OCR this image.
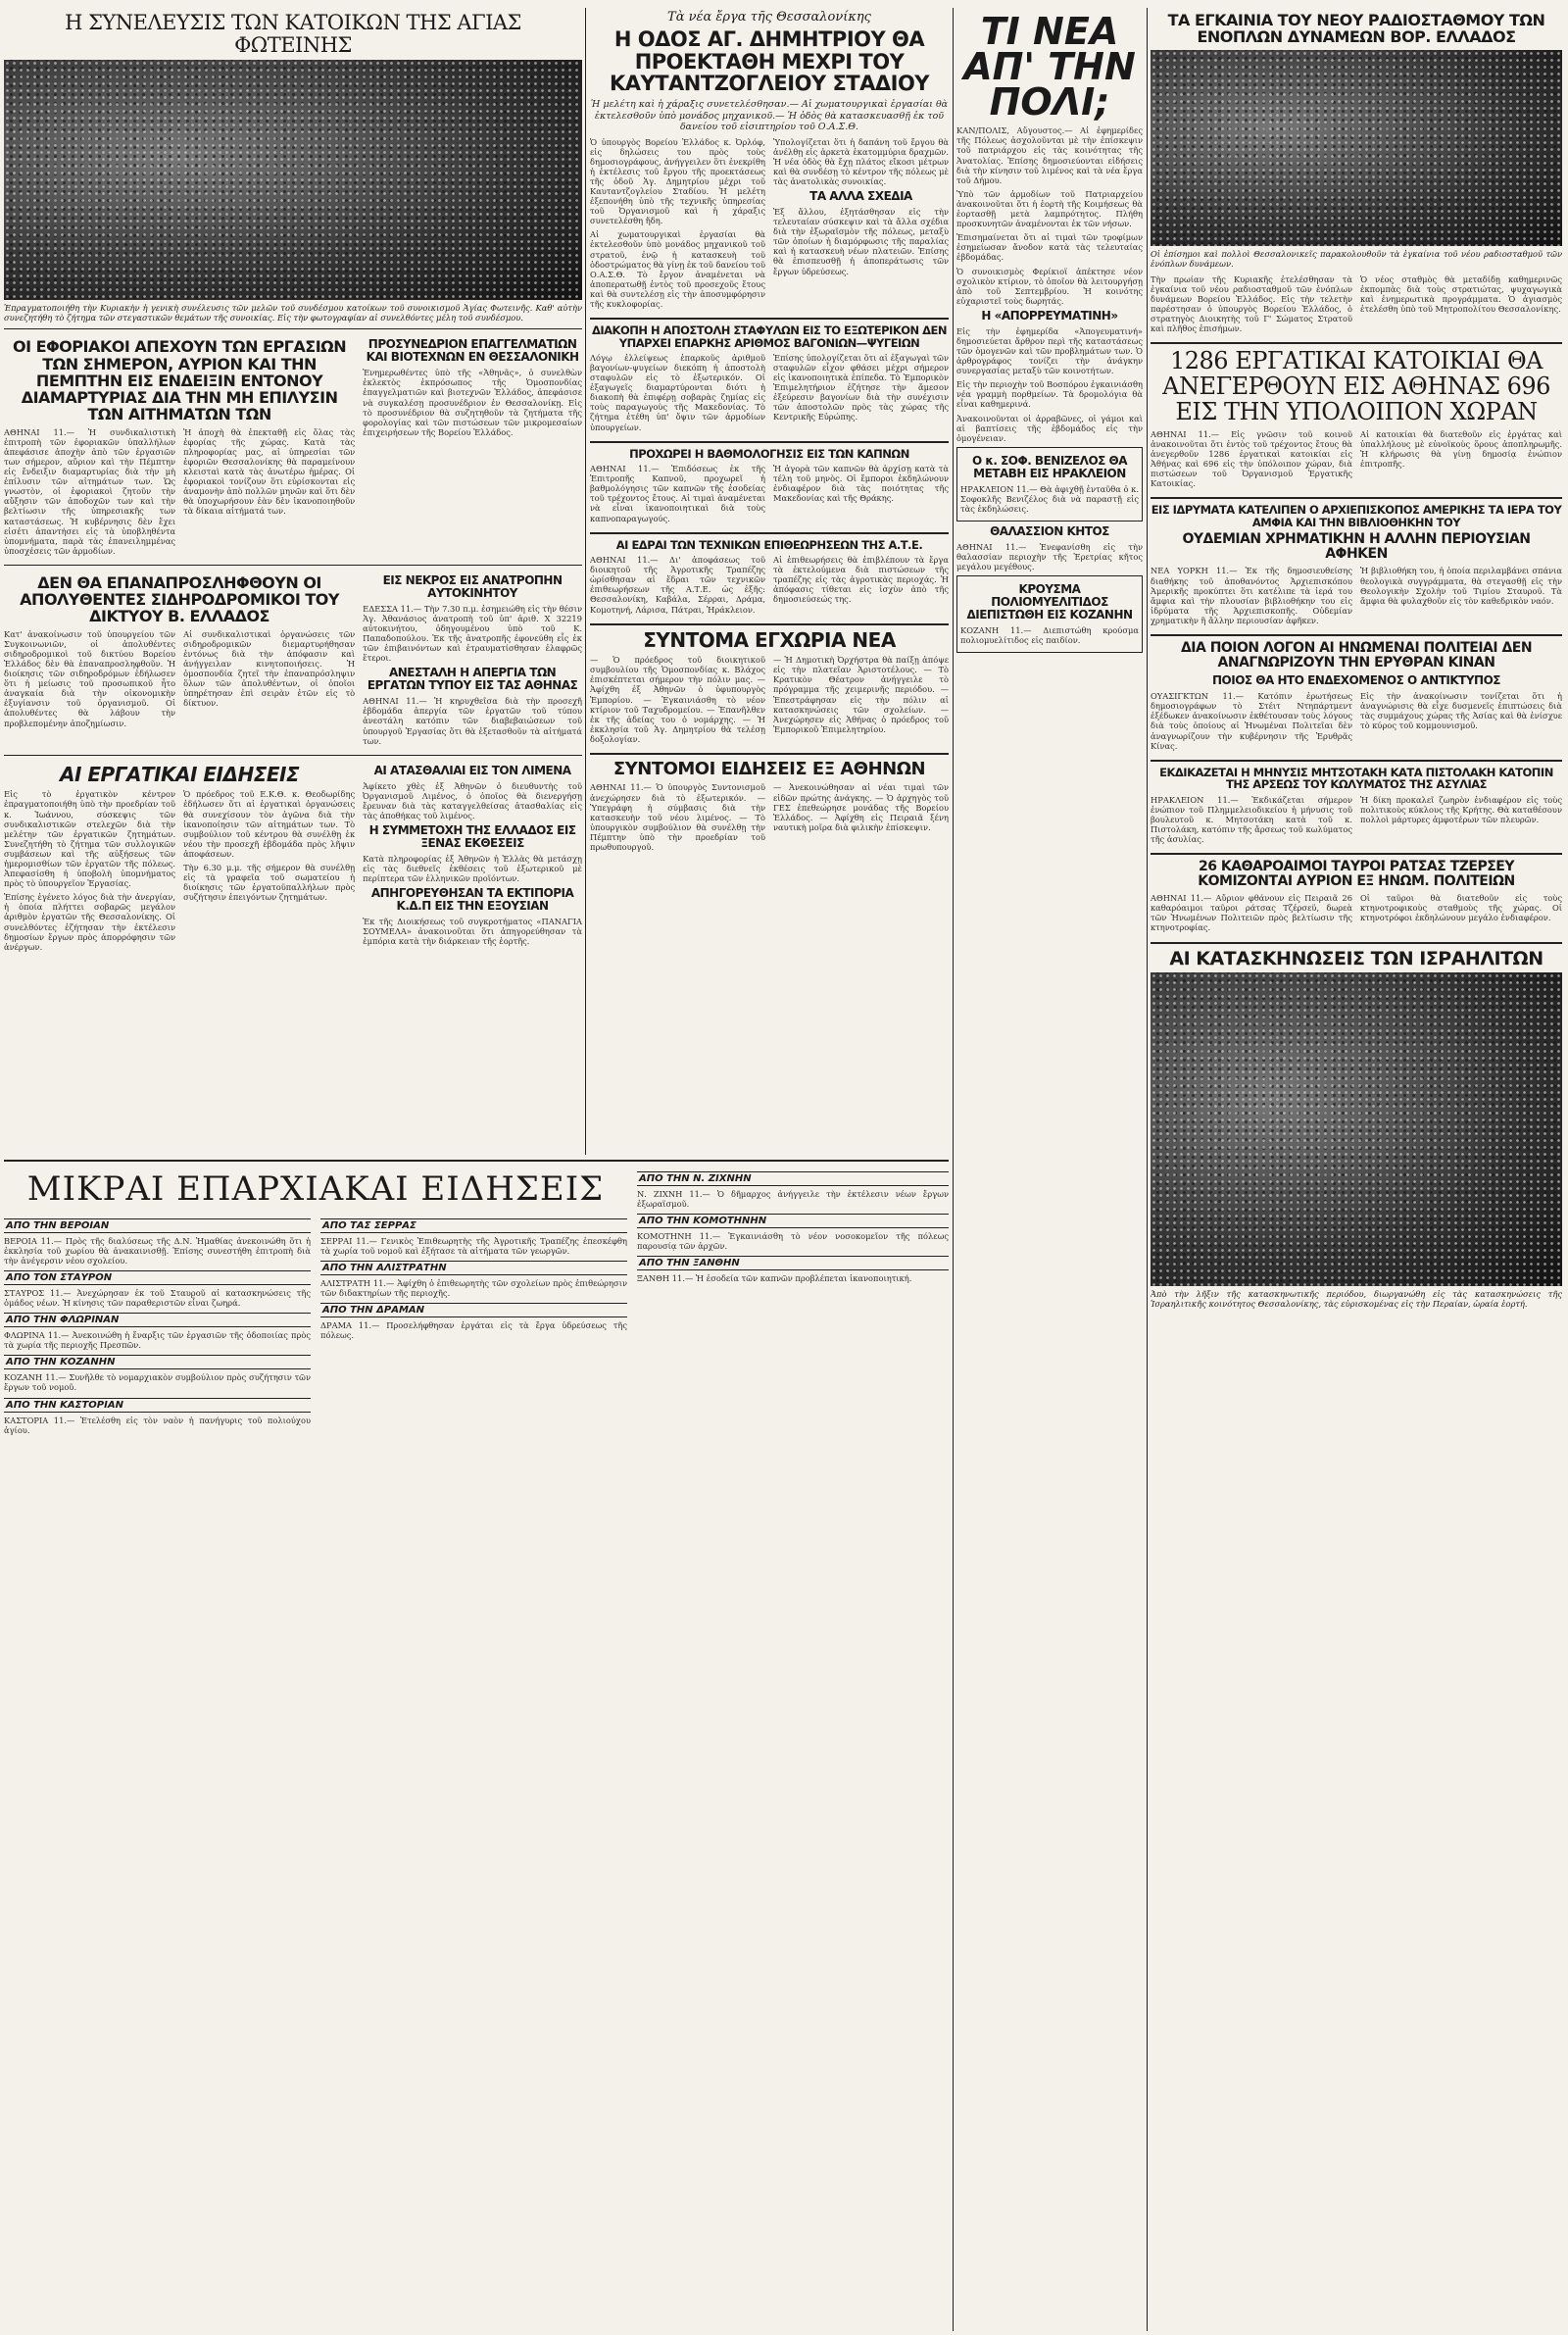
Η ΣΥΝΕΛΕΥΣΙΣ ΤΩΝ ΚΑΤΟΙΚΩΝ ΤΗΣ ΑΓΙΑΣ ΦΩΤΕΙΝΗΣ
Ἐπραγματοποιήθη τὴν Κυριακὴν ἡ γενικὴ συνέλευσις τῶν μελῶν τοῦ συνδέσμου κατοίκων τοῦ συνοικισμοῦ Ἁγίας Φωτεινῆς. Καθ' αὐτὴν συνεζητήθη τὸ ζήτημα τῶν στεγαστικῶν θεμάτων τῆς συνοικίας. Εἰς τὴν φωτογραφίαν αἱ συνελθόντες μέλη τοῦ συνδέσμου.
ΟΙ ΕΦΟΡΙΑΚΟΙ ΑΠΕΧΟΥΝ ΤΩΝ ΕΡΓΑΣΙΩΝ ΤΩΝ ΣΗΜΕΡΟΝ, ΑΥΡΙΟΝ ΚΑΙ ΤΗΝ ΠΕΜΠΤΗΝ ΕΙΣ ΕΝΔΕΙΞΙΝ ΕΝΤΟΝΟΥ ΔΙΑΜΑΡΤΥΡΙΑΣ ΔΙΑ ΤΗΝ ΜΗ ΕΠΙΛΥΣΙΝ ΤΩΝ ΑΙΤΗΜΑΤΩΝ ΤΩΝ

ΑΘΗΝΑΙ 11.— Ἡ συνδικαλιστικὴ ἐπιτροπὴ τῶν ἐφοριακῶν ὑπαλλήλων ἀπεφάσισε ἀποχὴν ἀπὸ τῶν ἐργασιῶν των σήμερον, αὔριον καὶ τὴν Πέμπτην εἰς ἔνδειξιν διαμαρτυρίας διὰ τὴν μὴ ἐπίλυσιν τῶν αἰτημάτων των. Ὡς γνωστὸν, οἱ ἐφοριακοὶ ζητοῦν τὴν αὔξησιν τῶν ἀποδοχῶν των καὶ τὴν βελτίωσιν τῆς ὑπηρεσιακῆς των καταστάσεως. Ἡ κυβέρνησις δὲν ἔχει εἰσέτι ἀπαντήσει εἰς τὰ ὑποβληθέντα ὑπομνήματα, παρὰ τὰς ἐπανειλημμένας ὑποσχέσεις τῶν ἁρμοδίων.

Ἡ ἀποχὴ θὰ ἐπεκταθῇ εἰς ὅλας τὰς ἐφορίας τῆς χώρας. Κατὰ τὰς πληροφορίας μας, αἱ ὑπηρεσίαι τῶν ἐφοριῶν Θεσσαλονίκης θὰ παραμείνουν κλεισταὶ κατὰ τὰς ἀνωτέρω ἡμέρας. Οἱ ἐφοριακοὶ τονίζουν ὅτι εὑρίσκονται εἰς ἀναμονὴν ἀπὸ πολλῶν μηνῶν καὶ ὅτι δὲν θὰ ὑποχωρήσουν ἐὰν δὲν ἱκανοποιηθοῦν τὰ δίκαια αἰτήματά των.

ΠΡΟΣΥΝΕΔΡΙΟΝ ΕΠΑΓΓΕΛΜΑΤΙΩΝ ΚΑΙ ΒΙΟΤΕΧΝΩΝ ΕΝ ΘΕΣΣΑΛΟΝΙΚΗ

Ἐνημερωθέντες ὑπὸ τῆς «Ἀθηνᾶς», ὁ συνελθὼν ἐκλεκτὸς ἐκπρόσωπος τῆς Ὁμοσπονδίας ἐπαγγελματιῶν καὶ βιοτεχνῶν Ἑλλάδος, ἀπεφάσισε νὰ συγκαλέσῃ προσυνέδριον ἐν Θεσσαλονίκῃ. Εἰς τὸ προσυνέδριον θὰ συζητηθοῦν τὰ ζητήματα τῆς φορολογίας καὶ τῶν πιστώσεων τῶν μικρομεσαίων ἐπιχειρήσεων τῆς Βορείου Ἑλλάδος.

ΔΕΝ ΘΑ ΕΠΑΝΑΠΡΟΣΛΗΦΘΟΥΝ ΟΙ ΑΠΟΛΥΘΕΝΤΕΣ ΣΙΔΗΡΟΔΡΟΜΙΚΟΙ ΤΟΥ ΔΙΚΤΥΟΥ Β. ΕΛΛΑΔΟΣ

Κατ' ἀνακοίνωσιν τοῦ ὑπουργείου τῶν Συγκοινωνιῶν, οἱ ἀπολυθέντες σιδηροδρομικοὶ τοῦ δικτύου Βορείου Ἑλλάδος δὲν θὰ ἐπαναπροσληφθοῦν. Ἡ διοίκησις τῶν σιδηροδρόμων ἐδήλωσεν ὅτι ἡ μείωσις τοῦ προσωπικοῦ ἦτο ἀναγκαία διὰ τὴν οἰκονομικὴν ἐξυγίανσιν τοῦ ὀργανισμοῦ. Οἱ ἀπολυθέντες θὰ λάβουν τὴν προβλεπομένην ἀποζημίωσιν.

Αἱ συνδικαλιστικαὶ ὀργανώσεις τῶν σιδηροδρομικῶν διεμαρτυρήθησαν ἐντόνως διὰ τὴν ἀπόφασιν καὶ ἀνήγγειλαν κινητοποιήσεις. Ἡ ὁμοσπονδία ζητεῖ τὴν ἐπαναπρόσληψιν ὅλων τῶν ἀπολυθέντων, οἱ ὁποῖοι ὑπηρέτησαν ἐπὶ σειρὰν ἐτῶν εἰς τὸ δίκτυον.

ΕΙΣ ΝΕΚΡΟΣ ΕΙΣ ΑΝΑΤΡΟΠΗΝ ΑΥΤΟΚΙΝΗΤΟΥ

ΕΔΕΣΣΑ 11.— Τὴν 7.30 π.μ. ἐσημειώθη εἰς τὴν θέσιν Ἁγ. Ἀθανάσιος ἀνατροπὴ τοῦ ὑπ' ἀριθ. Χ 32219 αὐτοκινήτου, ὁδηγουμένου ὑπὸ τοῦ Κ. Παπαδοπούλου. Ἐκ τῆς ἀνατροπῆς ἐφονεύθη εἷς ἐκ τῶν ἐπιβαινόντων καὶ ἐτραυματίσθησαν ἐλαφρῶς ἕτεροι.

ΑΝΕΣΤΑΛΗ Η ΑΠΕΡΓΙΑ ΤΩΝ ΕΡΓΑΤΩΝ ΤΥΠΟΥ ΕΙΣ ΤΑΣ ΑΘΗΝΑΣ

ΑΘΗΝΑΙ 11.— Ἡ κηρυχθεῖσα διὰ τὴν προσεχῆ ἑβδομάδα ἀπεργία τῶν ἐργατῶν τοῦ τύπου ἀνεστάλη κατόπιν τῶν διαβεβαιώσεων τοῦ ὑπουργοῦ Ἐργασίας ὅτι θὰ ἐξετασθοῦν τὰ αἰτήματά των.

ΑΙ ΕΡΓΑΤΙΚΑΙ ΕΙΔΗΣΕΙΣ

Εἰς τὸ ἐργατικὸν κέντρον ἐπραγματοποιήθη ὑπὸ τὴν προεδρίαν τοῦ κ. Ἰωάννου, σύσκεψις τῶν συνδικαλιστικῶν στελεχῶν διὰ τὴν μελέτην τῶν ἐργατικῶν ζητημάτων. Συνεζητήθη τὸ ζήτημα τῶν συλλογικῶν συμβάσεων καὶ τῆς αὐξήσεως τῶν ἡμερομισθίων τῶν ἐργατῶν τῆς πόλεως. Ἀπεφασίσθη ἡ ὑποβολὴ ὑπομνήματος πρὸς τὸ ὑπουργεῖον Ἐργασίας.

Ἐπίσης ἐγένετο λόγος διὰ τὴν ἀνεργίαν, ἡ ὁποία πλήττει σοβαρῶς μεγάλον ἀριθμὸν ἐργατῶν τῆς Θεσσαλονίκης. Οἱ συνελθόντες ἐζήτησαν τὴν ἐκτέλεσιν δημοσίων ἔργων πρὸς ἀπορρόφησιν τῶν ἀνέργων.

Ὁ πρόεδρος τοῦ Ε.Κ.Θ. κ. Θεοδωρίδης ἐδήλωσεν ὅτι αἱ ἐργατικαὶ ὀργανώσεις θὰ συνεχίσουν τὸν ἀγῶνα διὰ τὴν ἱκανοποίησιν τῶν αἰτημάτων των. Τὸ συμβούλιον τοῦ κέντρου θὰ συνέλθῃ ἐκ νέου τὴν προσεχῆ ἑβδομάδα πρὸς λῆψιν ἀποφάσεων.

Τὴν 6.30 μ.μ. τῆς σήμερον θὰ συνέλθῃ εἰς τὰ γραφεῖα τοῦ σωματείου ἡ διοίκησις τῶν ἐργατοϋπαλλήλων πρὸς συζήτησιν ἐπειγόντων ζητημάτων.

ΑΙ ΑΤΑΣΘΑΛΙΑΙ ΕΙΣ ΤΟΝ ΛΙΜΕΝΑ

Ἀφίκετο χθὲς ἐξ Ἀθηνῶν ὁ διευθυντὴς τοῦ Ὀργανισμοῦ Λιμένος, ὁ ὁποῖος θὰ διενεργήσῃ ἔρευναν διὰ τὰς καταγγελθείσας ἀτασθαλίας εἰς τὰς ἀποθήκας τοῦ λιμένος.

Η ΣΥΜΜΕΤΟΧΗ ΤΗΣ ΕΛΛΑΔΟΣ ΕΙΣ ΞΕΝΑΣ ΕΚΘΕΣΕΙΣ

Κατὰ πληροφορίας ἐξ Ἀθηνῶν ἡ Ἑλλὰς θὰ μετάσχῃ εἰς τὰς διεθνεῖς ἐκθέσεις τοῦ ἐξωτερικοῦ μὲ περίπτερα τῶν ἑλληνικῶν προϊόντων.

ΑΠΗΓΟΡΕΥΘΗΣΑΝ ΤΑ ΕΚΤΙΠΟΡΙΑ Κ.Δ.Π ΕΙΣ ΤΗΝ ΕΞΟΥΣΙΑΝ

Ἐκ τῆς Διοικήσεως τοῦ συγκροτήματος «ΠΑΝΑΓΙΑ ΣΟΥΜΕΛΑ» ἀνακοινοῦται ὅτι ἀπηγορεύθησαν τὰ ἐμπόρια κατὰ τὴν διάρκειαν τῆς ἑορτῆς.

Τὰ νέα ἔργα τῆς Θεσσαλονίκης
Η ΟΔΟΣ ΑΓ. ΔΗΜΗΤΡΙΟΥ ΘΑ ΠΡΟΕΚΤΑΘΗ ΜΕΧΡΙ ΤΟΥ ΚΑΥΤΑΝΤΖΟΓΛΕΙΟΥ ΣΤΑΔΙΟΥ

Ἡ μελέτη καὶ ἡ χάραξις συνετελέσθησαν.— Αἱ χωματουργικαὶ ἐργασίαι θὰ ἐκτελεσθοῦν ὑπὸ μονάδος μηχανικοῦ.— Ἡ ὁδὸς θὰ κατασκευασθῇ ἐκ τοῦ δανείου τοῦ εἰσιπτηρίου τοῦ Ο.Α.Σ.Θ.

Ὁ ὑπουργὸς Βορείου Ἑλλάδος κ. Ὀρλόφ, εἰς δηλώσεις του πρὸς τοὺς δημοσιογράφους, ἀνήγγειλεν ὅτι ἐνεκρίθη ἡ ἐκτέλεσις τοῦ ἔργου τῆς προεκτάσεως τῆς ὁδοῦ Ἁγ. Δημητρίου μέχρι τοῦ Καυταντζογλείου Σταδίου. Ἡ μελέτη ἐξεπονήθη ὑπὸ τῆς τεχνικῆς ὑπηρεσίας τοῦ Ὀργανισμοῦ καὶ ἡ χάραξις συνετελέσθη ἤδη.

Αἱ χωματουργικαὶ ἐργασίαι θὰ ἐκτελεσθοῦν ὑπὸ μονάδος μηχανικοῦ τοῦ στρατοῦ, ἐνῷ ἡ κατασκευὴ τοῦ ὁδοστρώματος θὰ γίνῃ ἐκ τοῦ δανείου τοῦ Ο.Α.Σ.Θ. Τὸ ἔργον ἀναμένεται νὰ ἀποπερατωθῇ ἐντὸς τοῦ προσεχοῦς ἔτους καὶ θὰ συντελέσῃ εἰς τὴν ἀποσυμφόρησιν τῆς κυκλοφορίας.

Ὑπολογίζεται ὅτι ἡ δαπάνη τοῦ ἔργου θὰ ἀνέλθῃ εἰς ἀρκετὰ ἑκατομμύρια δραχμῶν. Ἡ νέα ὁδὸς θὰ ἔχῃ πλάτος εἴκοσι μέτρων καὶ θὰ συνδέσῃ τὸ κέντρον τῆς πόλεως μὲ τὰς ἀνατολικὰς συνοικίας.

ΤΑ ΑΛΛΑ ΣΧΕΔΙΑ

Ἐξ ἄλλου, ἐξητάσθησαν εἰς τὴν τελευταίαν σύσκεψιν καὶ τὰ ἄλλα σχέδια διὰ τὴν ἐξωραϊσμὸν τῆς πόλεως, μεταξὺ τῶν ὁποίων ἡ διαμόρφωσις τῆς παραλίας καὶ ἡ κατασκευὴ νέων πλατειῶν. Ἐπίσης θὰ ἐπισπευσθῇ ἡ ἀποπεράτωσις τῶν ἔργων ὑδρεύσεως.

ΔΙΑΚΟΠΗ Η ΑΠΟΣΤΟΛΗ ΣΤΑΦΥΛΩΝ ΕΙΣ ΤΟ ΕΞΩΤΕΡΙΚΟΝ ΔΕΝ ΥΠΑΡΧΕΙ ΕΠΑΡΚΗΣ ΑΡΙΘΜΟΣ ΒΑΓΟΝΙΩΝ—ΨΥΓΕΙΩΝ

Λόγῳ ἐλλείψεως ἐπαρκοῦς ἀριθμοῦ βαγονίων-ψυγείων διεκόπη ἡ ἀποστολὴ σταφυλῶν εἰς τὸ ἐξωτερικόν. Οἱ ἐξαγωγεῖς διαμαρτύρονται διότι ἡ διακοπὴ θὰ ἐπιφέρῃ σοβαρὰς ζημίας εἰς τοὺς παραγωγοὺς τῆς Μακεδονίας. Τὸ ζήτημα ἐτέθη ὑπ' ὄψιν τῶν ἁρμοδίων ὑπουργείων.

Ἐπίσης ὑπολογίζεται ὅτι αἱ ἐξαγωγαὶ τῶν σταφυλῶν εἶχον φθάσει μέχρι σήμερον εἰς ἱκανοποιητικὰ ἐπίπεδα. Τὸ Ἐμπορικὸν Ἐπιμελητήριον ἐζήτησε τὴν ἄμεσον ἐξεύρεσιν βαγονίων διὰ τὴν συνέχισιν τῶν ἀποστολῶν πρὸς τὰς χώρας τῆς Κεντρικῆς Εὐρώπης.

ΠΡΟΧΩΡΕΙ Η ΒΑΘΜΟΛΟΓΗΣΙΣ ΕΙΣ ΤΩΝ ΚΑΠΝΩΝ

ΑΘΗΝΑΙ 11.— Ἐπιδόσεως ἐκ τῆς Ἐπιτροπῆς Καπνοῦ, προχωρεῖ ἡ βαθμολόγησις τῶν καπνῶν τῆς ἐσοδείας τοῦ τρέχοντος ἔτους. Αἱ τιμαὶ ἀναμένεται νὰ εἶναι ἱκανοποιητικαὶ διὰ τοὺς καπνοπαραγωγούς.

Ἡ ἀγορὰ τῶν καπνῶν θὰ ἀρχίσῃ κατὰ τὰ τέλη τοῦ μηνὸς. Οἱ ἔμποροι ἐκδηλώνουν ἐνδιαφέρον διὰ τὰς ποιότητας τῆς Μακεδονίας καὶ τῆς Θράκης.

ΑΙ ΕΔΡΑΙ ΤΩΝ ΤΕΧΝΙΚΩΝ ΕΠΙΘΕΩΡΗΣΕΩΝ ΤΗΣ Α.Τ.Ε.

ΑΘΗΝΑΙ 11.— Δι' ἀποφάσεως τοῦ διοικητοῦ τῆς Ἀγροτικῆς Τραπέζης ὡρίσθησαν αἱ ἕδραι τῶν τεχνικῶν ἐπιθεωρήσεων τῆς Α.Τ.Ε. ὡς ἑξῆς: Θεσσαλονίκη, Καβάλα, Σέρραι, Δράμα, Κομοτηνή, Λάρισα, Πάτραι, Ἡράκλειον.

Αἱ ἐπιθεωρήσεις θὰ ἐπιβλέπουν τὰ ἔργα τὰ ἐκτελούμενα διὰ πιστώσεων τῆς τραπέζης εἰς τὰς ἀγροτικὰς περιοχάς. Ἡ ἀπόφασις τίθεται εἰς ἰσχὺν ἀπὸ τῆς δημοσιεύσεώς της.

ΣΥΝΤΟΜΑ ΕΓΧΩΡΙΑ ΝΕΑ

— Ὁ πρόεδρος τοῦ διοικητικοῦ συμβουλίου τῆς Ὁμοσπονδίας κ. Βλάχος ἐπισκέπτεται σήμερον τὴν πόλιν μας. — Ἀφίχθη ἐξ Ἀθηνῶν ὁ ὑφυπουργὸς Ἐμπορίου. — Ἐγκαινιάσθη τὸ νέον κτίριον τοῦ Ταχυδρομείου. — Ἐπανῆλθεν ἐκ τῆς ἀδείας του ὁ νομάρχης. — Ἡ ἐκκλησία τοῦ Ἁγ. Δημητρίου θὰ τελέσῃ δοξολογίαν.

— Ἡ Δημοτικὴ Ὀρχήστρα θὰ παίξῃ ἀπόψε εἰς τὴν πλατεῖαν Ἀριστοτέλους. — Τὸ Κρατικὸν Θέατρον ἀνήγγειλε τὸ πρόγραμμα τῆς χειμερινῆς περιόδου. — Ἐπεστράφησαν εἰς τὴν πόλιν αἱ κατασκηνώσεις τῶν σχολείων. — Ἀνεχώρησεν εἰς Ἀθήνας ὁ πρόεδρος τοῦ Ἐμπορικοῦ Ἐπιμελητηρίου.

ΣΥΝΤΟΜΟΙ ΕΙΔΗΣΕΙΣ ΕΞ ΑΘΗΝΩΝ

ΑΘΗΝΑΙ 11.— Ὁ ὑπουργὸς Συντονισμοῦ ἀνεχώρησεν διὰ τὸ ἐξωτερικόν. — Ὑπεγράφη ἡ σύμβασις διὰ τὴν κατασκευὴν τοῦ νέου λιμένος. — Τὸ ὑπουργικὸν συμβούλιον θὰ συνέλθῃ τὴν Πέμπτην ὑπὸ τὴν προεδρίαν τοῦ πρωθυπουργοῦ.

— Ἀνεκοινώθησαν αἱ νέαι τιμαὶ τῶν εἰδῶν πρώτης ἀνάγκης. — Ὁ ἀρχηγὸς τοῦ ΓΕΣ ἐπεθεώρησε μονάδας τῆς Βορείου Ἑλλάδος. — Ἀφίχθη εἰς Πειραιᾶ ξένη ναυτικὴ μοῖρα διὰ φιλικὴν ἐπίσκεψιν.

ΤΙ ΝΕΑ ΑΠ' ΤΗΝ ΠΟΛΙ;

ΚΑΝ/ΠΟΛΙΣ, Αὔγουστος.— Αἱ ἐφημερίδες τῆς Πόλεως ἀσχολοῦνται μὲ τὴν ἐπίσκεψιν τοῦ πατριάρχου εἰς τὰς κοινότητας τῆς Ἀνατολίας. Ἐπίσης δημοσιεύονται εἰδήσεις διὰ τὴν κίνησιν τοῦ λιμένος καὶ τὰ νέα ἔργα τοῦ Δήμου.

Ὑπὸ τῶν ἁρμοδίων τοῦ Πατριαρχείου ἀνακοινοῦται ὅτι ἡ ἑορτὴ τῆς Κοιμήσεως θὰ ἑορτασθῇ μετὰ λαμπρότητος. Πλήθη προσκυνητῶν ἀναμένονται ἐκ τῶν νήσων.

Ἐπισημαίνεται ὅτι αἱ τιμαὶ τῶν τροφίμων ἐσημείωσαν ἄνοδον κατὰ τὰς τελευταίας ἑβδομάδας.

Ὁ συνοικισμὸς Φερίκιοϊ ἀπέκτησε νέον σχολικὸν κτίριον, τὸ ὁποῖον θὰ λειτουργήσῃ ἀπὸ τοῦ Σεπτεμβρίου. Ἡ κοινότης εὐχαριστεῖ τοὺς δωρητάς.

Η «ΑΠΟΡΡΕΥΜΑΤΙΝΗ»

Εἰς τὴν ἐφημερίδα «Ἀπογευματινή» δημοσιεύεται ἄρθρον περὶ τῆς καταστάσεως τῶν ὁμογενῶν καὶ τῶν προβλημάτων των. Ὁ ἀρθρογράφος τονίζει τὴν ἀνάγκην συνεργασίας μεταξὺ τῶν κοινοτήτων.

Εἰς τὴν περιοχὴν τοῦ Βοσπόρου ἐγκαινιάσθη νέα γραμμὴ πορθμείων. Τὰ δρομολόγια θὰ εἶναι καθημερινά.

Ἀνακοινοῦνται οἱ ἀρραβῶνες, οἱ γάμοι καὶ αἱ βαπτίσεις τῆς ἑβδομάδος εἰς τὴν ὁμογένειαν.

Ο κ. ΣΟΦ. ΒΕΝΙΖΕΛΟΣ ΘΑ ΜΕΤΑΒΗ ΕΙΣ ΗΡΑΚΛΕΙΟΝ

ΗΡΑΚΛΕΙΟΝ 11.— Θὰ ἀφιχθῇ ἐνταῦθα ὁ κ. Σοφοκλῆς Βενιζέλος διὰ νὰ παραστῇ εἰς τὰς ἐκδηλώσεις.

ΘΑΛΑΣΣΙΟΝ ΚΗΤΟΣ

ΑΘΗΝΑΙ 11.— Ἐνεφανίσθη εἰς τὴν θαλασσίαν περιοχὴν τῆς Ἐρετρίας κῆτος μεγάλου μεγέθους.

ΚΡΟΥΣΜΑ ΠΟΛΙΟΜΥΕΛΙΤΙΔΟΣ ΔΙΕΠΙΣΤΩΘΗ ΕΙΣ ΚΟΖΑΝΗΝ

ΚΟΖΑΝΗ 11.— Διεπιστώθη κρούσμα πολιομυελίτιδος εἰς παιδίον.

ΤΑ ΕΓΚΑΙΝΙΑ ΤΟΥ ΝΕΟΥ ΡΑΔΙΟΣΤΑΘΜΟΥ ΤΩΝ ΕΝΟΠΛΩΝ ΔΥΝΑΜΕΩΝ ΒΟΡ. ΕΛΛΑΔΟΣ
Οἱ ἐπίσημοι καὶ πολλοὶ Θεσσαλονικεῖς παρακολουθοῦν τὰ ἐγκαίνια τοῦ νέου ραδιοσταθμοῦ τῶν ἐνόπλων δυνάμεων.

Τὴν πρωίαν τῆς Κυριακῆς ἐτελέσθησαν τὰ ἐγκαίνια τοῦ νέου ραδιοσταθμοῦ τῶν ἐνόπλων δυνάμεων Βορείου Ἑλλάδος. Εἰς τὴν τελετὴν παρέστησαν ὁ ὑπουργὸς Βορείου Ἑλλάδος, ὁ στρατηγὸς Διοικητὴς τοῦ Γ' Σώματος Στρατοῦ καὶ πλῆθος ἐπισήμων.

Ὁ νέος σταθμὸς θὰ μεταδίδῃ καθημερινῶς ἐκπομπὰς διὰ τοὺς στρατιώτας, ψυχαγωγικὰ καὶ ἐνημερωτικὰ προγράμματα. Ὁ ἁγιασμὸς ἐτελέσθη ὑπὸ τοῦ Μητροπολίτου Θεσσαλονίκης.

1286 ΕΡΓΑΤΙΚΑΙ ΚΑΤΟΙΚΙΑΙ ΘΑ ΑΝΕΓΕΡΘΟΥΝ ΕΙΣ ΑΘΗΝΑΣ 696 ΕΙΣ ΤΗΝ ΥΠΟΛΟΙΠΟΝ ΧΩΡΑΝ

ΑΘΗΝΑΙ 11.— Εἰς γνῶσιν τοῦ κοινοῦ ἀνακοινοῦται ὅτι ἐντὸς τοῦ τρέχοντος ἔτους θὰ ἀνεγερθοῦν 1286 ἐργατικαὶ κατοικίαι εἰς Ἀθήνας καὶ 696 εἰς τὴν ὑπόλοιπον χώραν, διὰ πιστώσεων τοῦ Ὀργανισμοῦ Ἐργατικῆς Κατοικίας.

Αἱ κατοικίαι θὰ διατεθοῦν εἰς ἐργάτας καὶ ὑπαλλήλους μὲ εὐνοϊκοὺς ὅρους ἀποπληρωμῆς. Ἡ κλήρωσις θὰ γίνῃ δημοσίᾳ ἐνώπιον ἐπιτροπῆς.

ΕΙΣ ΙΔΡΥΜΑΤΑ ΚΑΤΕΛΙΠΕΝ Ο ΑΡΧΙΕΠΙΣΚΟΠΟΣ ΑΜΕΡΙΚΗΣ ΤΑ ΙΕΡΑ ΤΟΥ ΑΜΦΙΑ ΚΑΙ ΤΗΝ ΒΙΒΛΙΟΘΗΚΗΝ ΤΟΥ
ΟΥΔΕΜΙΑΝ ΧΡΗΜΑΤΙΚΗΝ Η ΑΛΛΗΝ ΠΕΡΙΟΥΣΙΑΝ ΑΦΗΚΕΝ

ΝΕΑ ΥΟΡΚΗ 11.— Ἐκ τῆς δημοσιευθείσης διαθήκης τοῦ ἀποθανόντος Ἀρχιεπισκόπου Ἀμερικῆς προκύπτει ὅτι κατέλιπε τὰ ἱερά του ἄμφια καὶ τὴν πλουσίαν βιβλιοθήκην του εἰς ἱδρύματα τῆς Ἀρχιεπισκοπῆς. Οὐδεμίαν χρηματικὴν ἢ ἄλλην περιουσίαν ἀφῆκεν.

Ἡ βιβλιοθήκη του, ἡ ὁποία περιλαμβάνει σπάνια θεολογικὰ συγγράμματα, θὰ στεγασθῇ εἰς τὴν Θεολογικὴν Σχολὴν τοῦ Τιμίου Σταυροῦ. Τὰ ἄμφια θὰ φυλαχθοῦν εἰς τὸν καθεδρικὸν ναόν.

ΔΙΑ ΠΟΙΟΝ ΛΟΓΟΝ ΑΙ ΗΝΩΜΕΝΑΙ ΠΟΛΙΤΕΙΑΙ ΔΕΝ ΑΝΑΓΝΩΡΙΖΟΥΝ ΤΗΝ ΕΡΥΘΡΑΝ ΚΙΝΑΝ
ΠΟΙΟΣ ΘΑ ΗΤΟ ΕΝΔΕΧΟΜΕΝΟΣ Ο ΑΝΤΙΚΤΥΠΟΣ

ΟΥΑΣΙΓΚΤΩΝ 11.— Κατόπιν ἐρωτήσεως δημοσιογράφων τὸ Στέιτ Ντηπάρτμεντ ἐξέδωκεν ἀνακοίνωσιν ἐκθέτουσαν τοὺς λόγους διὰ τοὺς ὁποίους αἱ Ἡνωμέναι Πολιτεῖαι δὲν ἀναγνωρίζουν τὴν κυβέρνησιν τῆς Ἐρυθρᾶς Κίνας.

Εἰς τὴν ἀνακοίνωσιν τονίζεται ὅτι ἡ ἀναγνώρισις θὰ εἶχε δυσμενεῖς ἐπιπτώσεις διὰ τὰς συμμάχους χώρας τῆς Ἀσίας καὶ θὰ ἐνίσχυε τὸ κύρος τοῦ κομμουνισμοῦ.

ΕΚΔΙΚΑΖΕΤΑΙ Η ΜΗΝΥΣΙΣ ΜΗΤΣΟΤΑΚΗ ΚΑΤΑ ΠΙΣΤΟΛΑΚΗ ΚΑΤΟΠΙΝ ΤΗΣ ΑΡΣΕΩΣ ΤΟΥ ΚΩΛΥΜΑΤΟΣ ΤΗΣ ΑΣΥΛΙΑΣ

ΗΡΑΚΛΕΙΟΝ 11.— Ἐκδικάζεται σήμερον ἐνώπιον τοῦ Πλημμελειοδικείου ἡ μήνυσις τοῦ βουλευτοῦ κ. Μητσοτάκη κατὰ τοῦ κ. Πιστολάκη, κατόπιν τῆς ἄρσεως τοῦ κωλύματος τῆς ἀσυλίας.

Ἡ δίκη προκαλεῖ ζωηρὸν ἐνδιαφέρον εἰς τοὺς πολιτικοὺς κύκλους τῆς Κρήτης. Θὰ καταθέσουν πολλοὶ μάρτυρες ἀμφοτέρων τῶν πλευρῶν.

26 ΚΑΘΑΡΟΑΙΜΟΙ ΤΑΥΡΟΙ ΡΑΤΣΑΣ ΤΖΕΡΣΕΥ ΚΟΜΙΖΟΝΤΑΙ ΑΥΡΙΟΝ ΕΞ ΗΝΩΜ. ΠΟΛΙΤΕΙΩΝ

ΑΘΗΝΑΙ 11.— Αὔριον φθάνουν εἰς Πειραιᾶ 26 καθαρόαιμοι ταῦροι ράτσας Τζέρσεϋ, δωρεὰ τῶν Ἡνωμένων Πολιτειῶν πρὸς βελτίωσιν τῆς κτηνοτροφίας.

Οἱ ταῦροι θὰ διατεθοῦν εἰς τοὺς κτηνοτροφικοὺς σταθμοὺς τῆς χώρας. Οἱ κτηνοτρόφοι ἐκδηλώνουν μεγάλο ἐνδιαφέρον.

ΑΙ ΚΑΤΑΣΚΗΝΩΣΕΙΣ ΤΩΝ ΙΣΡΑΗΛΙΤΩΝ
Ἀπὸ τὴν λῆξιν τῆς κατασκηνωτικῆς περιόδου, διωργανώθη εἰς τὰς κατασκηνώσεις τῆς Ἰσραηλιτικῆς κοινότητος Θεσσαλονίκης, τὰς εὑρισκομένας εἰς τὴν Περαίαν, ὡραία ἑορτή.
ΜΙΚΡΑΙ ΕΠΑΡΧΙΑΚΑΙ ΕΙΔΗΣΕΙΣ
ΑΠΟ ΤΗΝ ΒΕΡΟΙΑΝ

ΒΕΡΟΙΑ 11.— Πρὸς τῆς διαλύσεως τῆς Δ.Ν. Ἡμαθίας ἀνεκοινώθη ὅτι ἡ ἐκκλησία τοῦ χωρίου θὰ ἀνακαινισθῇ. Ἐπίσης συνεστήθη ἐπιτροπὴ διὰ τὴν ἀνέγερσιν νέου σχολείου.

ΑΠΟ ΤΟΝ ΣΤΑΥΡΟΝ

ΣΤΑΥΡΟΣ 11.— Ἀνεχώρησαν ἐκ τοῦ Σταυροῦ αἱ κατασκηνώσεις τῆς ὁμάδος νέων. Ἡ κίνησις τῶν παραθεριστῶν εἶναι ζωηρά.

ΑΠΟ ΤΗΝ ΦΛΩΡΙΝΑΝ

ΦΛΩΡΙΝΑ 11.— Ἀνεκοινώθη ἡ ἔναρξις τῶν ἐργασιῶν τῆς ὁδοποιίας πρὸς τὰ χωρία τῆς περιοχῆς Πρεσπῶν.

ΑΠΟ ΤΗΝ ΚΟΖΑΝΗΝ

ΚΟΖΑΝΗ 11.— Συνῆλθε τὸ νομαρχιακὸν συμβούλιον πρὸς συζήτησιν τῶν ἔργων τοῦ νομοῦ.

ΑΠΟ ΤΗΝ ΚΑΣΤΟΡΙΑΝ

ΚΑΣΤΟΡΙΑ 11.— Ἐτελέσθη εἰς τὸν ναὸν ἡ πανήγυρις τοῦ πολιούχου ἁγίου.

ΑΠΟ ΤΑΣ ΣΕΡΡΑΣ

ΣΕΡΡΑΙ 11.— Γενικὸς Ἐπιθεωρητὴς τῆς Ἀγροτικῆς Τραπέζης ἐπεσκέφθη τὰ χωρία τοῦ νομοῦ καὶ ἐξήτασε τὰ αἰτήματα τῶν γεωργῶν.

ΑΠΟ ΤΗΝ ΑΛΙΣΤΡΑΤΗΝ

ΑΛΙΣΤΡΑΤΗ 11.— Ἀφίχθη ὁ ἐπιθεωρητὴς τῶν σχολείων πρὸς ἐπιθεώρησιν τῶν διδακτηρίων τῆς περιοχῆς.

ΑΠΟ ΤΗΝ ΔΡΑΜΑΝ

ΔΡΑΜΑ 11.— Προσελήφθησαν ἐργάται εἰς τὰ ἔργα ὑδρεύσεως τῆς πόλεως.

ΑΠΟ ΤΗΝ Ν. ΖΙΧΝΗΝ

Ν. ΖΙΧΝΗ 11.— Ὁ δῆμαρχος ἀνήγγειλε τὴν ἐκτέλεσιν νέων ἔργων ἐξωραϊσμοῦ.

ΑΠΟ ΤΗΝ ΚΟΜΟΤΗΝΗΝ

ΚΟΜΟΤΗΝΗ 11.— Ἐγκαινιάσθη τὸ νέον νοσοκομεῖον τῆς πόλεως παρουσίᾳ τῶν ἀρχῶν.

ΑΠΟ ΤΗΝ ΞΑΝΘΗΝ

ΞΑΝΘΗ 11.— Ἡ ἐσοδεία τῶν καπνῶν προβλέπεται ἱκανοποιητική.
